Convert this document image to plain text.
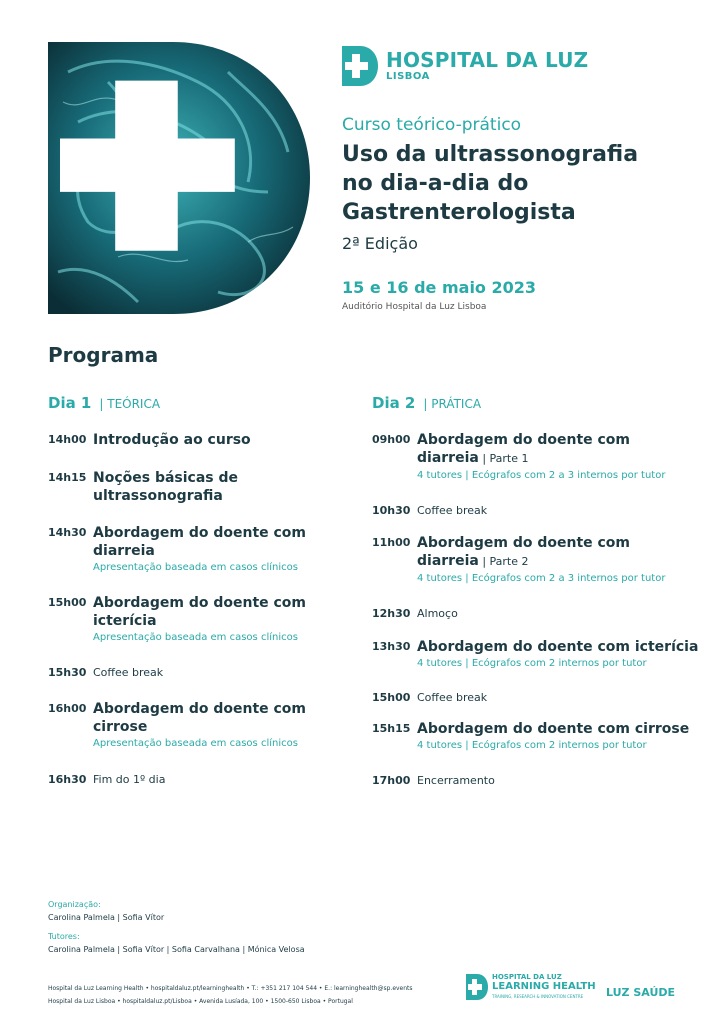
HOSPITAL DA LUZ
LISBOA
Curso teórico-prático
Uso da ultrassonografia
no dia-a-dia do
Gastrenterologista
2ª Edição
15 e 16 de maio 2023
Auditório Hospital da Luz Lisboa
Programa
Dia 1 | TEÓRICA
14h00 Introdução ao curso
14h15 Noções básicas de ultrassonografia
14h30 Abordagem do doente com diarreia
Apresentação baseada em casos clínicos
15h00 Abordagem do doente com icterícia
Apresentação baseada em casos clínicos
15h30 Coffee break
16h00 Abordagem do doente com cirrose
Apresentação baseada em casos clínicos
16h30 Fim do 1º dia
Dia 2 | PRÁTICA
09h00 Abordagem do doente com diarreia | Parte 1
4 tutores | Ecógrafos com 2 a 3 internos por tutor
10h30 Coffee break
11h00 Abordagem do doente com diarreia | Parte 2
4 tutores | Ecógrafos com 2 a 3 internos por tutor
12h30 Almoço
13h30 Abordagem do doente com icterícia
4 tutores | Ecógrafos com 2 internos por tutor
15h00 Coffee break
15h15 Abordagem do doente com cirrose
4 tutores | Ecógrafos com 2 internos por tutor
17h00 Encerramento
Organização:
Carolina Palmela | Sofia Vítor
Tutores:
Carolina Palmela | Sofia Vítor | Sofia Carvalhana | Mónica Velosa
Hospital da Luz Learning Health • hospitaldaluz.pt/learninghealth • T.: +351 217 104 544 • E.: learninghealth@sp.events
Hospital da Luz Lisboa • hospitaldaluz.pt/Lisboa • Avenida Lusíada, 100 • 1500-650 Lisboa • Portugal
HOSPITAL DA LUZ
LEARNING HEALTH
TRAINING, RESEARCH & INNOVATION CENTRE	LUZ SAÚDE
